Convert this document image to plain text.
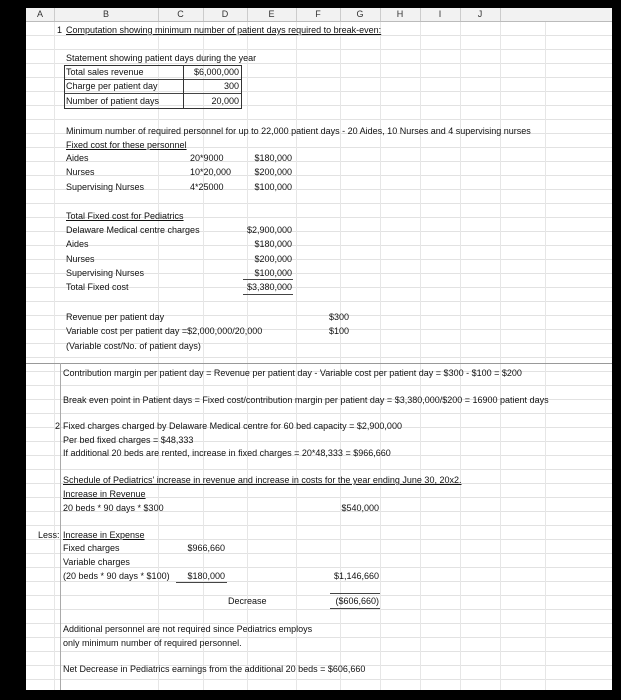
A	B	C	D	E	F	G	H	I	J
1 Computation showing minimum number of patient days required to break-even:
Statement showing patient days during the year
Total sales revenue	$6,000,000
Charge per patient day	300
Number of patient days	20,000
Minimum number of required personnel for up to 22,000 patient days - 20 Aides, 10 Nurses and 4 supervising nurses
Fixed cost for these personnel
Aides	20*9000	$180,000
Nurses	10*20,000	$200,000
Supervising Nurses	4*25000	$100,000
Total Fixed cost for Pediatrics
Delaware Medical centre charges	$2,900,000
Aides	$180,000
Nurses	$200,000
Supervising Nurses	$100,000
Total Fixed cost	$3,380,000
Revenue per patient day	$300
Variable cost per patient day =$2,000,000/20,000	$100
(Variable cost/No. of patient days)
Contribution margin per patient day = Revenue per patient day - Variable cost per patient day = $300 - $100 = $200
Break even point in Patient days = Fixed cost/contribution margin per patient day = $3,380,000/$200 = 16900 patient days
2 Fixed charges charged by Delaware Medical centre for 60 bed capacity = $2,900,000
Per bed fixed charges = $48,333
If additional 20 beds are rented, increase in fixed charges = 20*48,333 = $966,660
Schedule of Pediatrics' increase in revenue and increase in costs for the year ending June 30, 20x2.
Increase in Revenue
20 beds * 90 days * $300	$540,000
Less: Increase in Expense
Fixed charges	$966,660
Variable charges
(20 beds * 90 days * $100)	$180,000	$1,146,660
Decrease	($606,660)
Additional personnel are not required since Pediatrics employs
only minimum number of required personnel.
Net Decrease in Pediatrics earnings from the additional 20 beds = $606,660
